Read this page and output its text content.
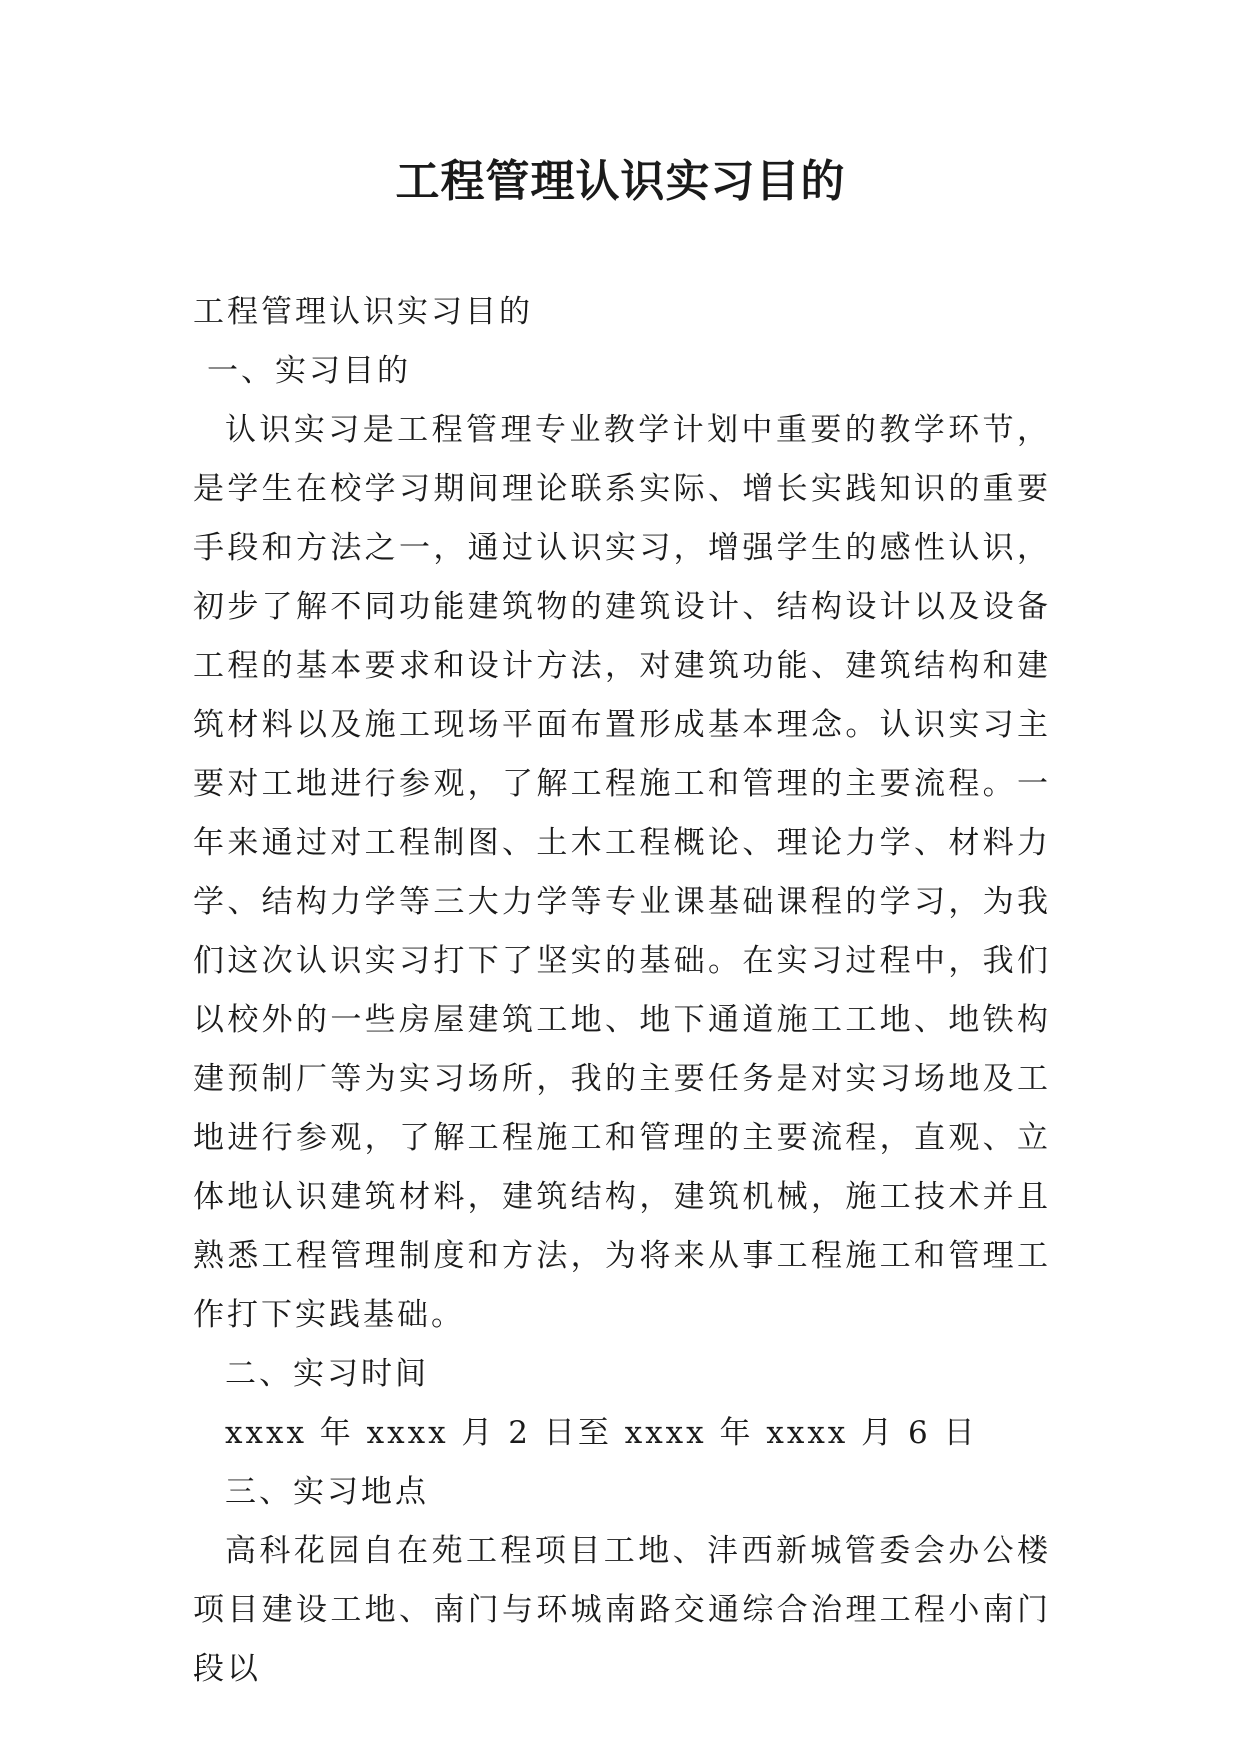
工程管理认识实习目的

工程管理认识实习目的

一、实习目的

认识实习是工程管理专业教学计划中重要的教学环节，是学生在校学习期间理论联系实际、增长实践知识的重要手段和方法之一，通过认识实习，增强学生的感性认识，初步了解不同功能建筑物的建筑设计、结构设计以及设备工程的基本要求和设计方法，对建筑功能、建筑结构和建筑材料以及施工现场平面布置形成基本理念。认识实习主要对工地进行参观，了解工程施工和管理的主要流程。一年来通过对工程制图、土木工程概论、理论力学、材料力学、结构力学等三大力学等专业课基础课程的学习，为我们这次认识实习打下了坚实的基础。在实习过程中，我们以校外的一些房屋建筑工地、地下通道施工工地、地铁构建预制厂等为实习场所，我的主要任务是对实习场地及工地进行参观，了解工程施工和管理的主要流程，直观、立体地认识建筑材料，建筑结构，建筑机械，施工技术并且熟悉工程管理制度和方法，为将来从事工程施工和管理工作打下实践基础。

二、实习时间

xxxx 年 xxxx 月 2 日至 xxxx 年 xxxx 月 6 日

三、实习地点

高科花园自在苑工程项目工地、沣西新城管委会办公楼项目建设工地、南门与环城南路交通综合治理工程小南门段以
